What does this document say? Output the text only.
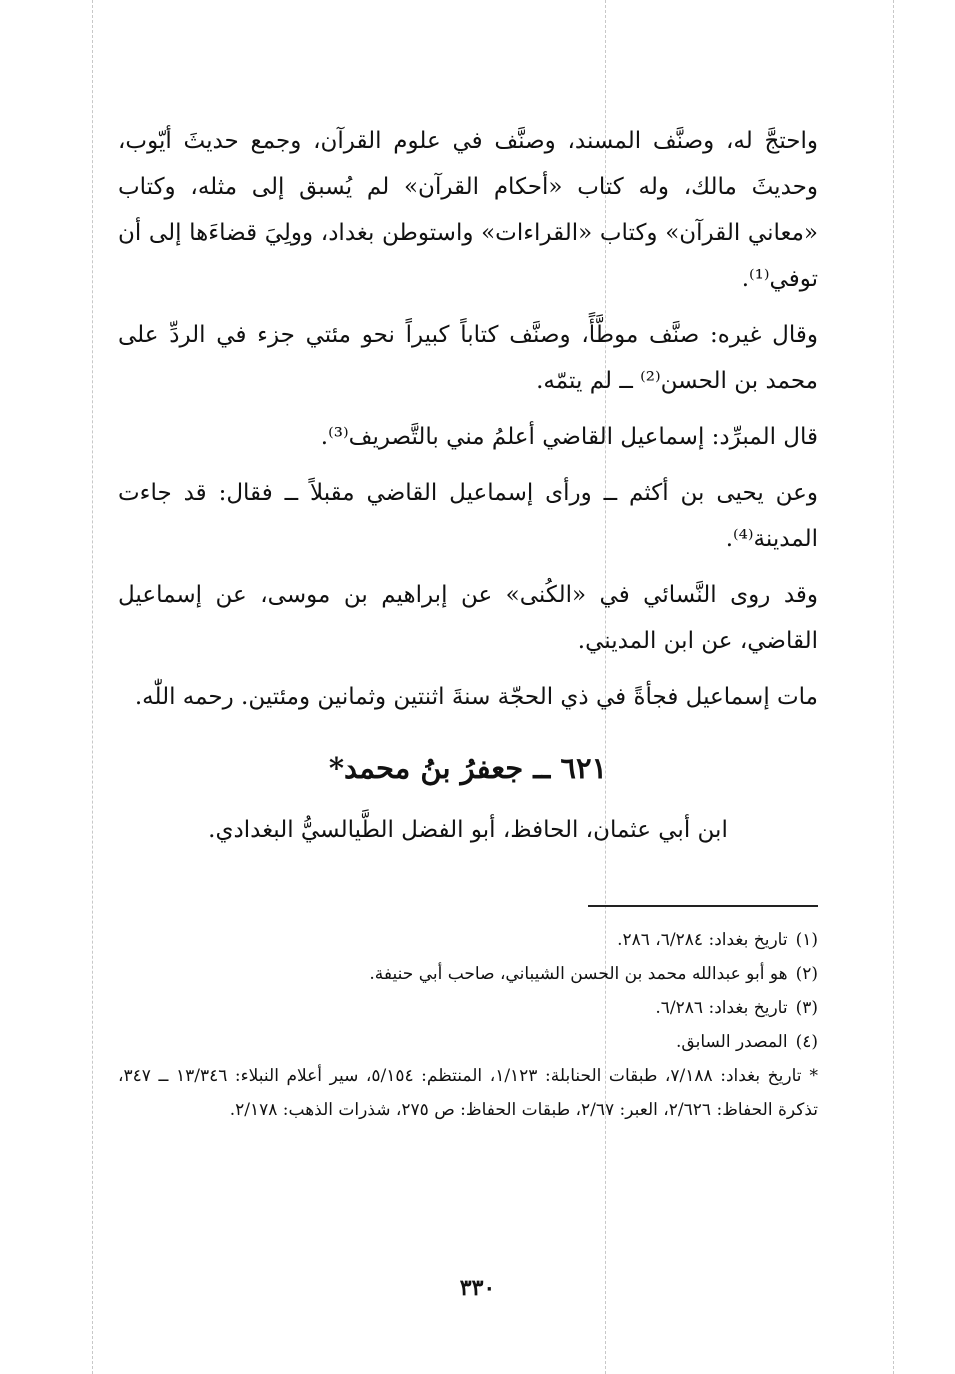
واحتجَّ له، وصنَّف المسند، وصنَّف في علوم القرآن، وجمع حديثَ أيّوب، وحديثَ مالك، وله كتاب «أحكام القرآن» لم يُسبق إلى مثله، وكتاب «معاني القرآن» وكتاب «القراءات» واستوطن بغداد، وولِيَ قضاءَها إلى أن توفي⁽¹⁾.

وقال غيره: صنَّف موطَّأً، وصنَّف كتاباً كبيراً نحو مئتي جزء في الردِّ على محمد بن الحسن⁽²⁾ ــ لم يتمّه.

قال المبرِّد: إسماعيل القاضي أعلمُ مني بالتَّصريف⁽³⁾.

وعن يحيى بن أكثم ــ ورأى إسماعيل القاضي مقبلاً ــ فقال: قد جاءت المدينة⁽⁴⁾.

وقد روى النَّسائي في «الكُنى» عن إبراهيم بن موسى، عن إسماعيل القاضي، عن ابن المديني.

مات إسماعيل فجأةً في ذي الحجّة سنةَ اثنتين وثمانين ومئتين. رحمه اللّٰه.

٦٢١ ــ جعفرُ بنُ محمد*

ابن أبي عثمان، الحافظ، أبو الفضل الطَّيالسيُّ البغدادي.

(١)تاريخ بغداد: ٦/٢٨٤، ٢٨٦.

(٢)هو أبو عبدالله محمد بن الحسن الشيباني، صاحب أبي حنيفة.

(٣)تاريخ بغداد: ٦/٢٨٦.

(٤)المصدر السابق.

*تاريخ بغداد: ٧/١٨٨، طبقات الحنابلة: ١/١٢٣، المنتظم: ٥/١٥٤، سير أعلام النبلاء: ١٣/٣٤٦ ــ ٣٤٧، تذكرة الحفاظ: ٢/٦٢٦، العبر: ٢/٦٧، طبقات الحفاظ: ص ٢٧٥، شذرات الذهب: ٢/١٧٨.

٣٣٠
